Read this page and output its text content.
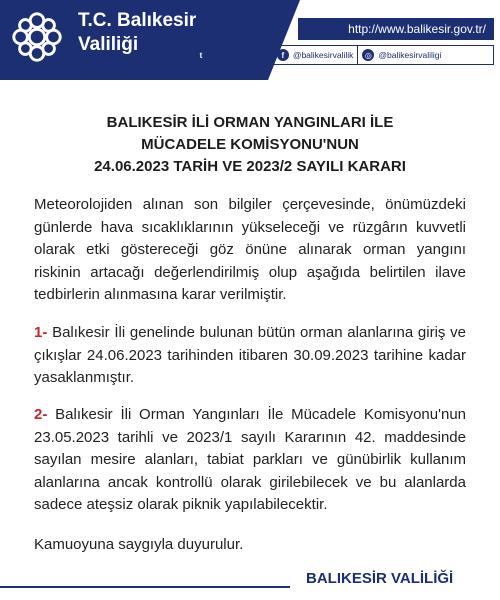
T.C. Balıkesir
Valiliği
http://www.balikesir.gov.tr/
t	@TC_Balikesir	f	@balikesirvalilik	◎ @balikesirvaliligi
BALIKESİR İLİ ORMAN YANGINLARI İLE
MÜCADELE KOMİSYONU'NUN
24.06.2023 TARİH VE 2023/2 SAYILI KARARI
Meteorolojiden alınan son bilgiler çerçevesinde, önümüzdeki günlerde hava sıcaklıklarının yükseleceği ve rüzgârın kuvvetli olarak etki göstereceği göz önüne alınarak orman yangını riskinin artacağı değerlendirilmiş olup aşağıda belirtilen ilave tedbirlerin alınmasına karar verilmiştir.
1- Balıkesir İli genelinde bulunan bütün orman alanlarına giriş ve çıkışlar 24.06.2023 tarihinden itibaren 30.09.2023 tarihine kadar yasaklanmıştır.
2- Balıkesir İli Orman Yangınları İle Mücadele Komisyonu'nun 23.05.2023 tarihli ve 2023/1 sayılı Kararının 42. maddesinde sayılan mesire alanları, tabiat parkları ve günübirlik kullanım alanlarına ancak kontrollü olarak girilebilecek ve bu alanlarda sadece ateşsiz olarak piknik yapılabilecektir.
Kamuoyuna saygıyla duyurulur.
BALIKESİR VALİLİĞİ
